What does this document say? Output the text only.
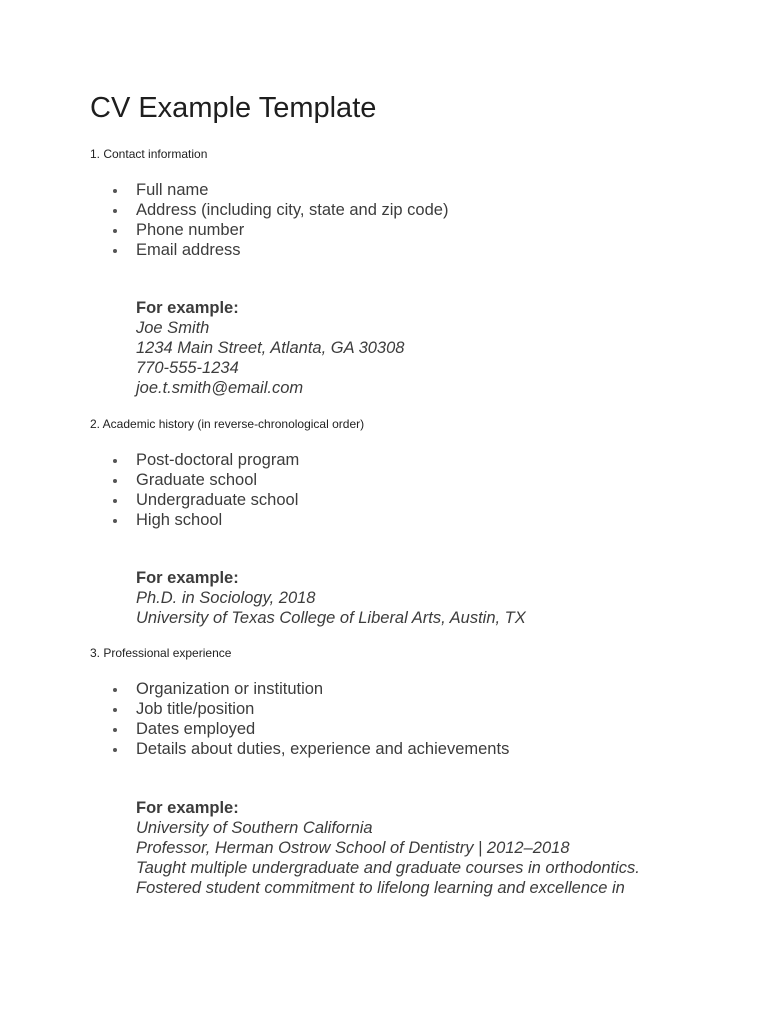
CV Example Template

1. Contact information

Full name
Address (including city, state and zip code)
Phone number
Email address
For example:
Joe Smith
1234 Main Street, Atlanta, GA 30308
770-555-1234
joe.t.smith@email.com

2. Academic history (in reverse-chronological order)

Post-doctoral program
Graduate school
Undergraduate school
High school
For example:
Ph.D. in Sociology, 2018
University of Texas College of Liberal Arts, Austin, TX

3. Professional experience

Organization or institution
Job title/position
Dates employed
Details about duties, experience and achievements
For example:
University of Southern California
Professor, Herman Ostrow School of Dentistry | 2012–2018
Taught multiple undergraduate and graduate courses in orthodontics.
Fostered student commitment to lifelong learning and excellence in
